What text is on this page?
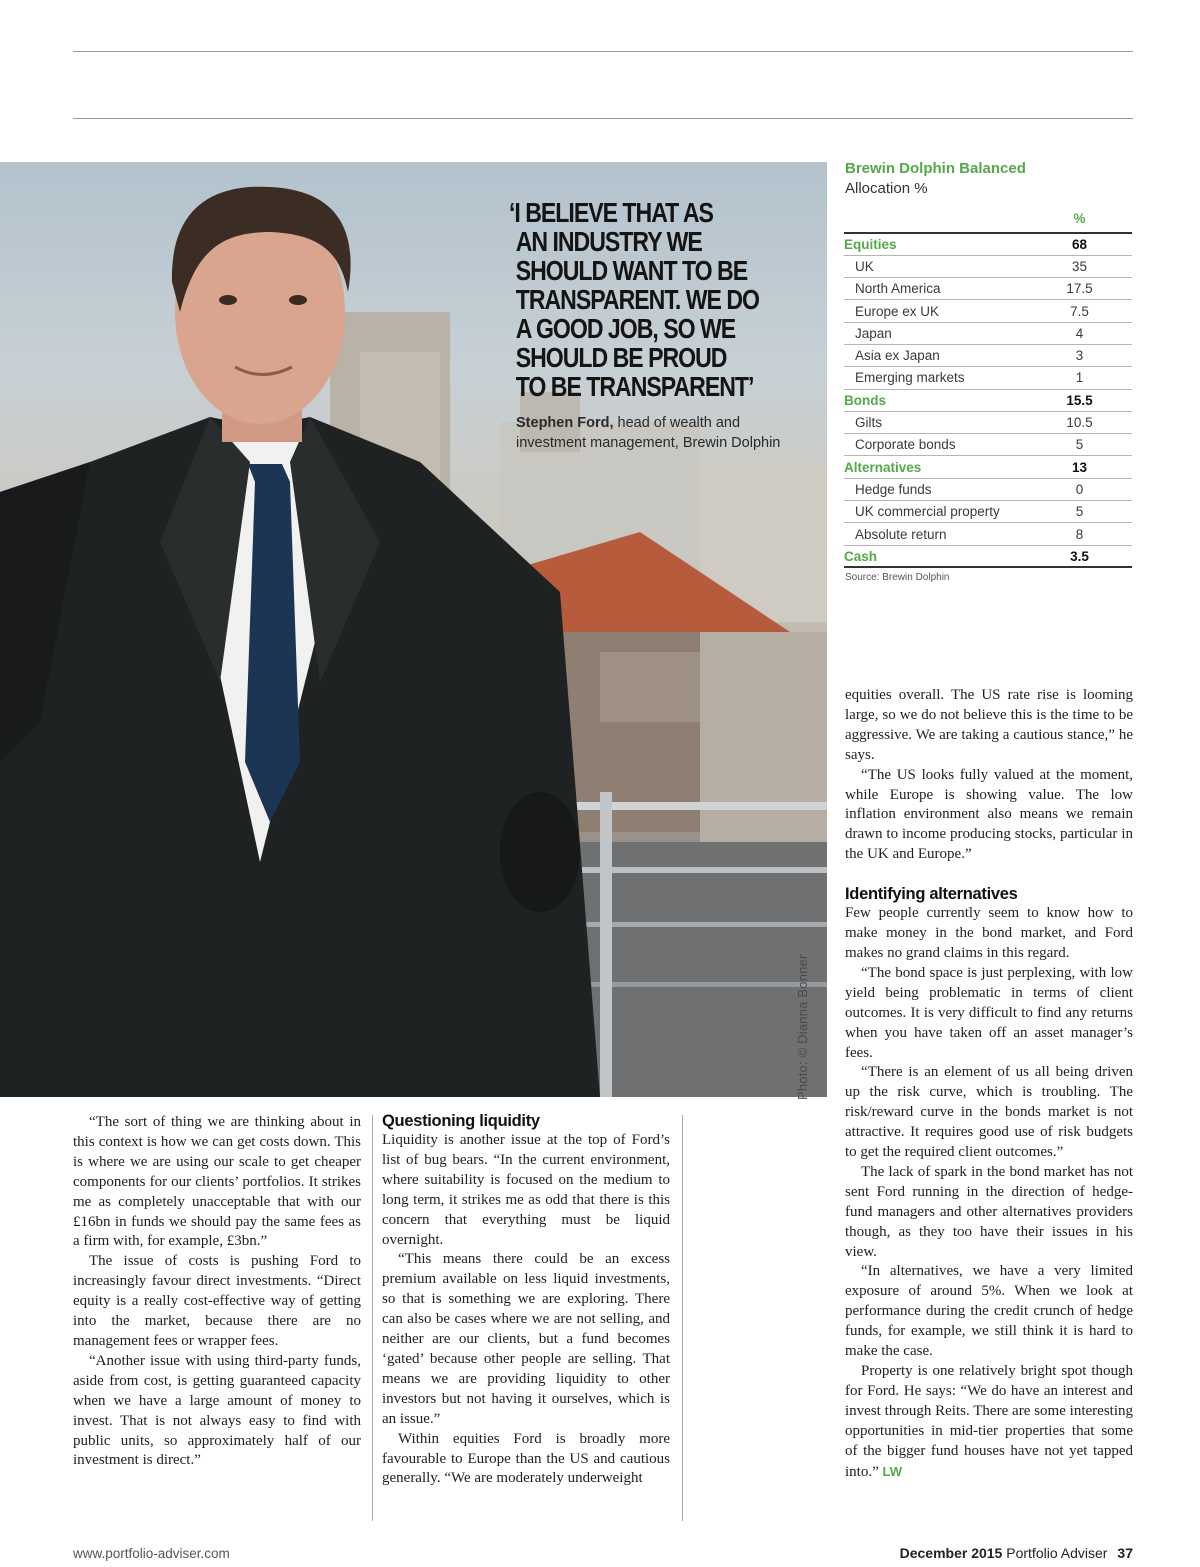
Photo: © Dianna Bonner
‘I BELIEVE THAT AS
AN INDUSTRY WE
SHOULD WANT TO BE
TRANSPARENT. WE DO
A GOOD JOB, SO WE
SHOULD BE PROUD
TO BE TRANSPARENT’
Stephen Ford, head of wealth and investment management, Brewin Dolphin
Brewin Dolphin Balanced
Allocation %
	%
Equities	68
UK	35
North America	17.5
Europe ex UK	7.5
Japan	4
Asia ex Japan	3
Emerging markets	1
Bonds	15.5
Gilts	10.5
Corporate bonds	5
Alternatives	13
Hedge funds	0
UK commercial property	5
Absolute return	8
Cash	3.5
Source: Brewin Dolphin

“The sort of thing we are thinking about in this context is how we can get costs down. This is where we are using our scale to get cheaper components for our clients’ portfolios. It strikes me as completely unacceptable that with our £16bn in funds we should pay the same fees as a firm with, for example, £3bn.”

The issue of costs is pushing Ford to increasingly favour direct investments. “Direct equity is a really cost-effective way of getting into the market, because there are no management fees or wrapper fees.

“Another issue with using third-party funds, aside from cost, is getting guaranteed capacity when we have a large amount of money to invest. That is not always easy to find with public units, so approximately half of our investment is direct.”

Questioning liquidity

Liquidity is another issue at the top of Ford’s list of bug bears. “In the current environment, where suitability is focused on the medium to long term, it strikes me as odd that there is this concern that everything must be liquid overnight.

“This means there could be an excess premium available on less liquid investments, so that is something we are exploring. There can also be cases where we are not selling, and neither are our clients, but a fund becomes ‘gated’ because other people are selling. That means we are providing liquidity to other investors but not having it ourselves, which is an issue.”

Within equities Ford is broadly more favourable to Europe than the US and cautious generally. “We are moderately underweight

equities overall. The US rate rise is looming large, so we do not believe this is the time to be aggressive. We are taking a cautious stance,” he says.

“The US looks fully valued at the moment, while Europe is showing value. The low inflation environment also means we remain drawn to income producing stocks, particular in the UK and Europe.”

Identifying alternatives

Few people currently seem to know how to make money in the bond market, and Ford makes no grand claims in this regard.

“The bond space is just perplexing, with low yield being problematic in terms of client outcomes. It is very difficult to find any returns when you have taken off an asset manager’s fees.

“There is an element of us all being driven up the risk curve, which is troubling. The risk/reward curve in the bonds market is not attractive. It requires good use of risk budgets to get the required client outcomes.”

The lack of spark in the bond market has not sent Ford running in the direction of hedge-fund managers and other alternatives providers though, as they too have their issues in his view.

“In alternatives, we have a very limited exposure of around 5%. When we look at performance during the credit crunch of hedge funds, for example, we still think it is hard to make the case.

Property is one relatively bright spot though for Ford. He says: “We do have an interest and invest through Reits. There are some interesting opportunities in mid-tier properties that some of the bigger fund houses have not yet tapped into.” LW

www.portfolio-adviser.com	December 2015 Portfolio Adviser 37
